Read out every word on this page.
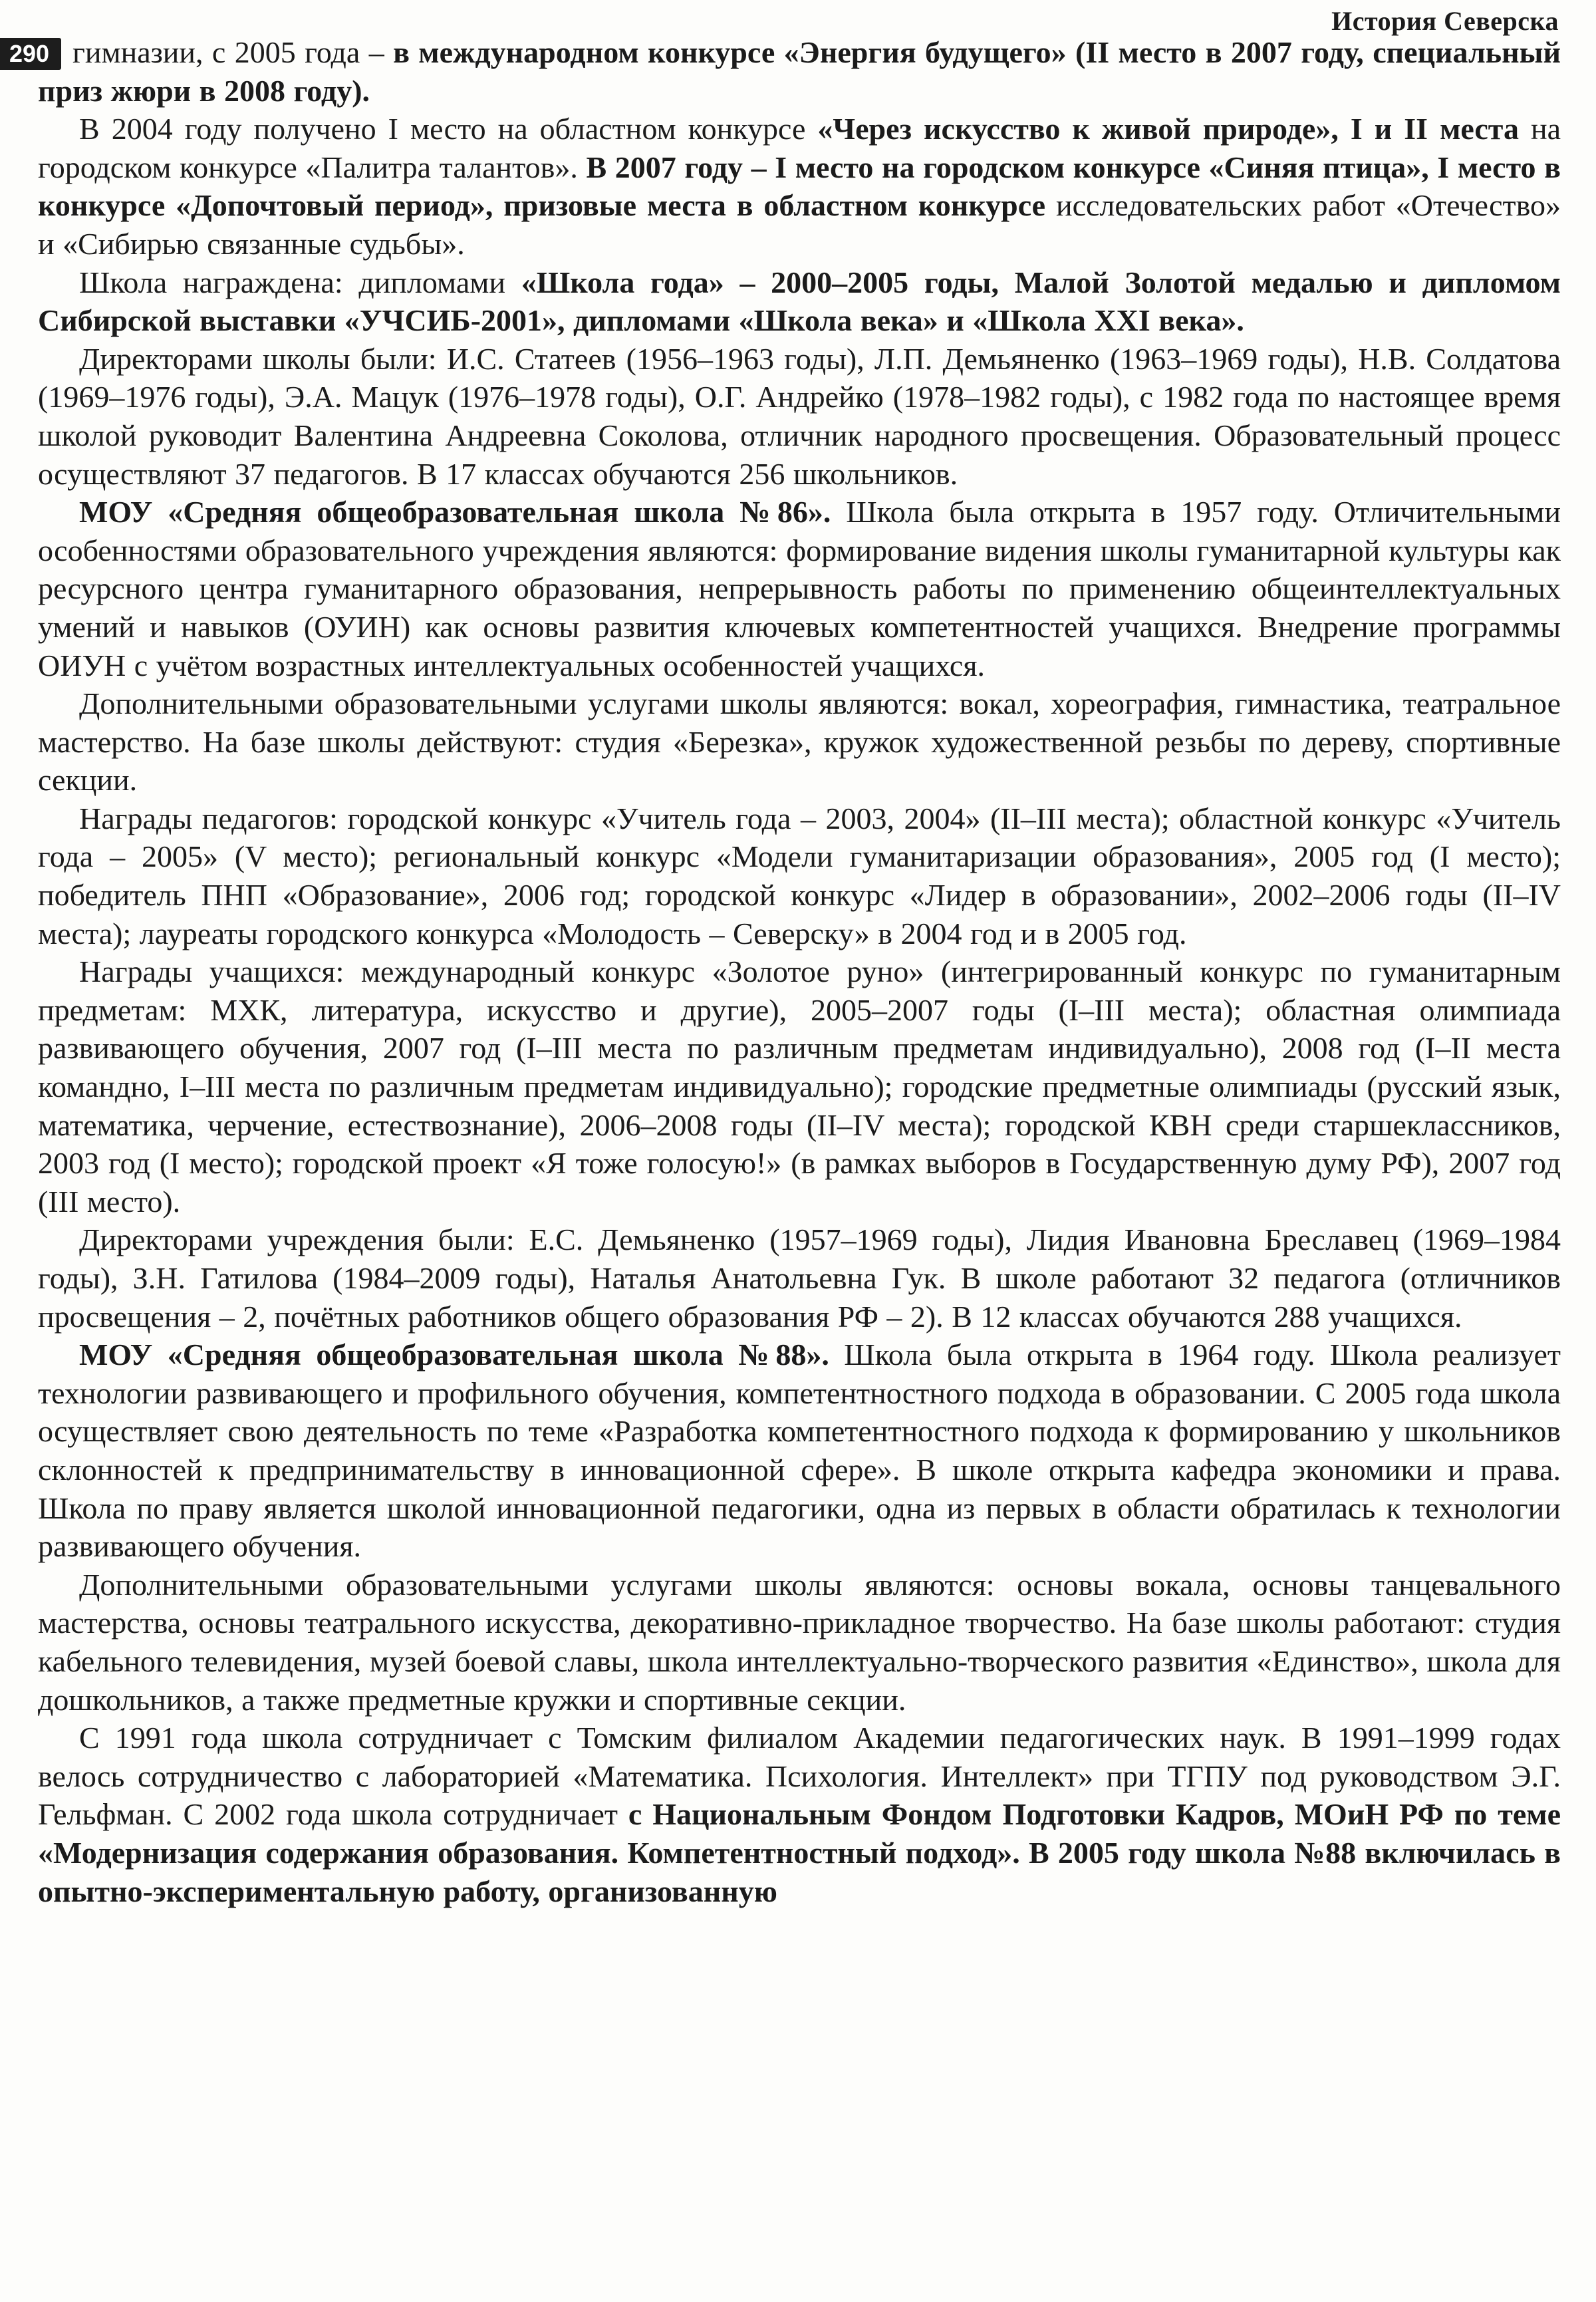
История Северска
290 гимназии, с 2005 года – в международном конкурсе «Энергия будущего» (II место в 2007 году, специальный приз жюри в 2008 году).

В 2004 году получено I место на областном конкурсе «Через искусство к живой природе», I и II места на городском конкурсе «Палитра талантов». В 2007 году – I место на городском конкурсе «Синяя птица», I место в конкурсе «Допочтовый период», призовые места в областном конкурсе исследовательских работ «Отечество» и «Сибирью связанные судьбы».

Школа награждена: дипломами «Школа года» – 2000–2005 годы, Малой Золотой медалью и дипломом Сибирской выставки «УЧСИБ-2001», дипломами «Школа века» и «Школа XXI века».

Директорами школы были: И.С. Статеев (1956–1963 годы), Л.П. Демьяненко (1963–1969 годы), Н.В. Солдатова (1969–1976 годы), Э.А. Мацук (1976–1978 годы), О.Г. Андрейко (1978–1982 годы), с 1982 года по настоящее время школой руководит Валентина Андреевна Соколова, отличник народного просвещения. Образовательный процесс осуществляют 37 педагогов. В 17 классах обучаются 256 школьников.

МОУ «Средняя общеобразовательная школа №86». Школа была открыта в 1957 году. Отличительными особенностями образовательного учреждения являются: формирование видения школы гуманитарной культуры как ресурсного центра гуманитарного образования, непрерывность работы по применению общеинтеллектуальных умений и навыков (ОУИН) как основы развития ключевых компетентностей учащихся. Внедрение программы ОИУН с учётом возрастных интеллектуальных особенностей учащихся.

Дополнительными образовательными услугами школы являются: вокал, хореография, гимнастика, театральное мастерство. На базе школы действуют: студия «Березка», кружок художественной резьбы по дереву, спортивные секции.

Награды педагогов: городской конкурс «Учитель года – 2003, 2004» (II–III места); областной конкурс «Учитель года – 2005» (V место); региональный конкурс «Модели гуманитаризации образования», 2005 год (I место); победитель ПНП «Образование», 2006 год; городской конкурс «Лидер в образовании», 2002–2006 годы (II–IV места); лауреаты городского конкурса «Молодость – Северску» в 2004 год и в 2005 год.

Награды учащихся: международный конкурс «Золотое руно» (интегрированный конкурс по гуманитарным предметам: МХК, литература, искусство и другие), 2005–2007 годы (I–III места); областная олимпиада развивающего обучения, 2007 год (I–III места по различным предметам индивидуально), 2008 год (I–II места командно, I–III места по различным предметам индивидуально); городские предметные олимпиады (русский язык, математика, черчение, естествознание), 2006–2008 годы (II–IV места); городской КВН среди старшеклассников, 2003 год (I место); городской проект «Я тоже голосую!» (в рамках выборов в Государственную думу РФ), 2007 год (III место).

Директорами учреждения были: Е.С. Демьяненко (1957–1969 годы), Лидия Ивановна Бреславец (1969–1984 годы), З.Н. Гатилова (1984–2009 годы), Наталья Анатольевна Гук. В школе работают 32 педагога (отличников просвещения – 2, почётных работников общего образования РФ – 2). В 12 классах обучаются 288 учащихся.

МОУ «Средняя общеобразовательная школа №88». Школа была открыта в 1964 году. Школа реализует технологии развивающего и профильного обучения, компетентностного подхода в образовании. С 2005 года школа осуществляет свою деятельность по теме «Разработка компетентностного подхода к формированию у школьников склонностей к предпринимательству в инновационной сфере». В школе открыта кафедра экономики и права. Школа по праву является школой инновационной педагогики, одна из первых в области обратилась к технологии развивающего обучения.

Дополнительными образовательными услугами школы являются: основы вокала, основы танцевального мастерства, основы театрального искусства, декоративно-прикладное творчество. На базе школы работают: студия кабельного телевидения, музей боевой славы, школа интеллектуально-творческого развития «Единство», школа для дошкольников, а также предметные кружки и спортивные секции.

С 1991 года школа сотрудничает с Томским филиалом Академии педагогических наук. В 1991–1999 годах велось сотрудничество с лабораторией «Математика. Психология. Интеллект» при ТГПУ под руководством Э.Г. Гельфман. С 2002 года школа сотрудничает с Национальным Фондом Подготовки Кадров, МОиН РФ по теме «Модернизация содержания образования. Компетентностный подход». В 2005 году школа №88 включилась в опытно-экспериментальную работу, организованную
